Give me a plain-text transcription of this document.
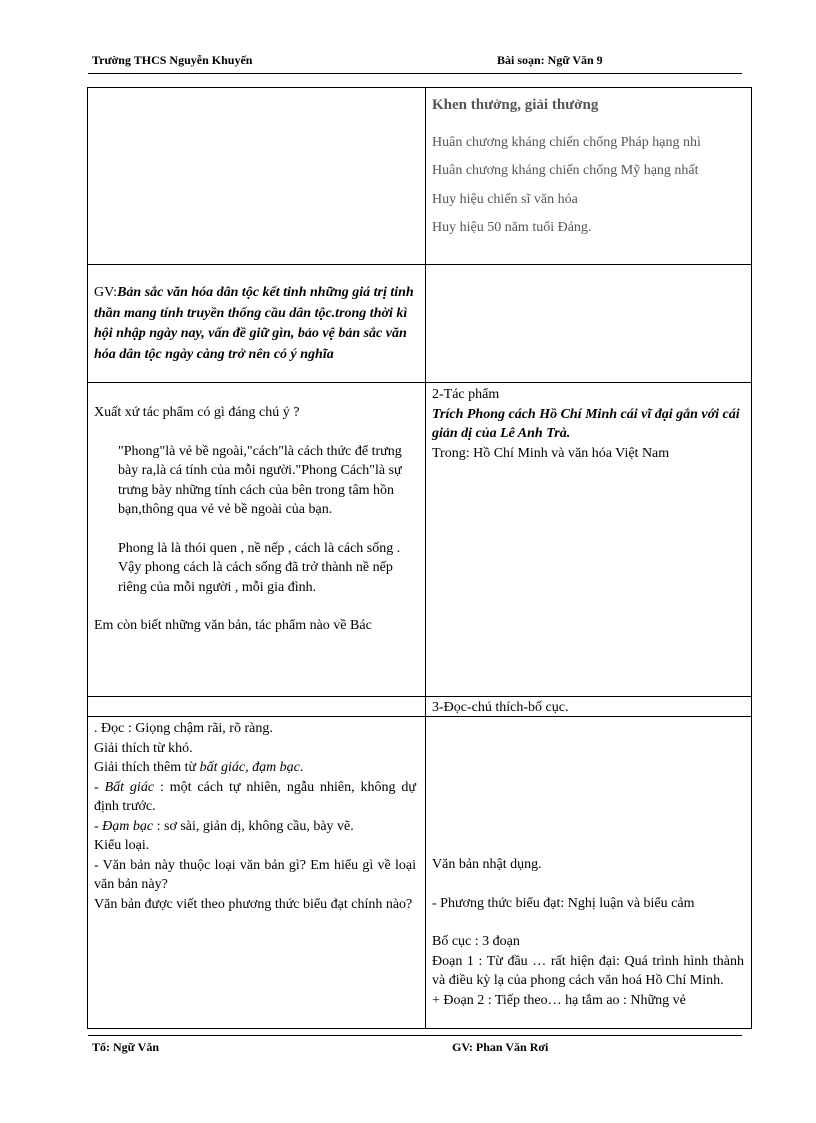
Trường THCS Nguyễn Khuyến	Bài soạn: Ngữ Văn 9

Khen thưởng, giải thưởng

Huân chương kháng chiến chống Pháp hạng nhì

Huân chương kháng chiến chống Mỹ hạng nhất

Huy hiệu chiến sĩ văn hóa

Huy hiệu 50 năm tuổi Đảng.

GV:Bản sắc văn hóa dân tộc kết tinh những giá trị tinh thần mang tính truyền thống cầu dân tộc.trong thời kì hội nhập ngày nay, vấn đề giữ gìn, bảo vệ bản sắc văn hóa dân tộc ngày càng trở nên có ý nghĩa

Xuất xứ tác phẩm có gì đáng chú ý ?

"Phong"là vẻ bề ngoài,"cách"là cách thức để trưng bày ra,là cá tính của mỗi người."Phong Cách"là sự trưng bày những tính cách của bên trong tâm hồn bạn,thông qua vẻ vẻ bề ngoài của bạn.

Phong là là thói quen , nề nếp , cách là cách sống . Vậy phong cách là cách sống đã trở thành nề nếp riêng của mỗi người , mỗi gia đình.

Em còn biết những văn bản, tác phẩm nào về Bác

2-Tác phẩm

Trích Phong cách Hồ Chí Minh cái vĩ đại gắn với cái giản dị của Lê Anh Trà.

Trong: Hồ Chí Minh và văn hóa Việt Nam

3-Đọc-chú thích-bố cục.

. Đọc : Giọng chậm rãi, rõ ràng.

Giải thích từ khó.

Giải thích thêm từ bất giác, đạm bạc.

- Bất giác : một cách tự nhiên, ngẫu nhiên, không dự định trước.

- Đạm bạc : sơ sài, giản dị, không cầu, bày vẽ.

Kiểu loại.

- Văn bản này thuộc loại văn bản gì? Em hiểu gì về loại văn bản này?

Văn bản được viết theo phương thức biểu đạt chính nào?

Văn bản nhật dụng.

- Phương thức biểu đạt: Nghị luận và biểu cảm

Bố cục : 3 đoạn

Đoạn 1 : Từ đầu … rất hiện đại: Quá trình hình thành và điều kỳ lạ của phong cách văn hoá Hồ Chí Minh.

+ Đoạn 2 : Tiếp theo… hạ tắm ao : Những vẻ

Tổ: Ngữ Văn	GV: Phan Văn Rơi
